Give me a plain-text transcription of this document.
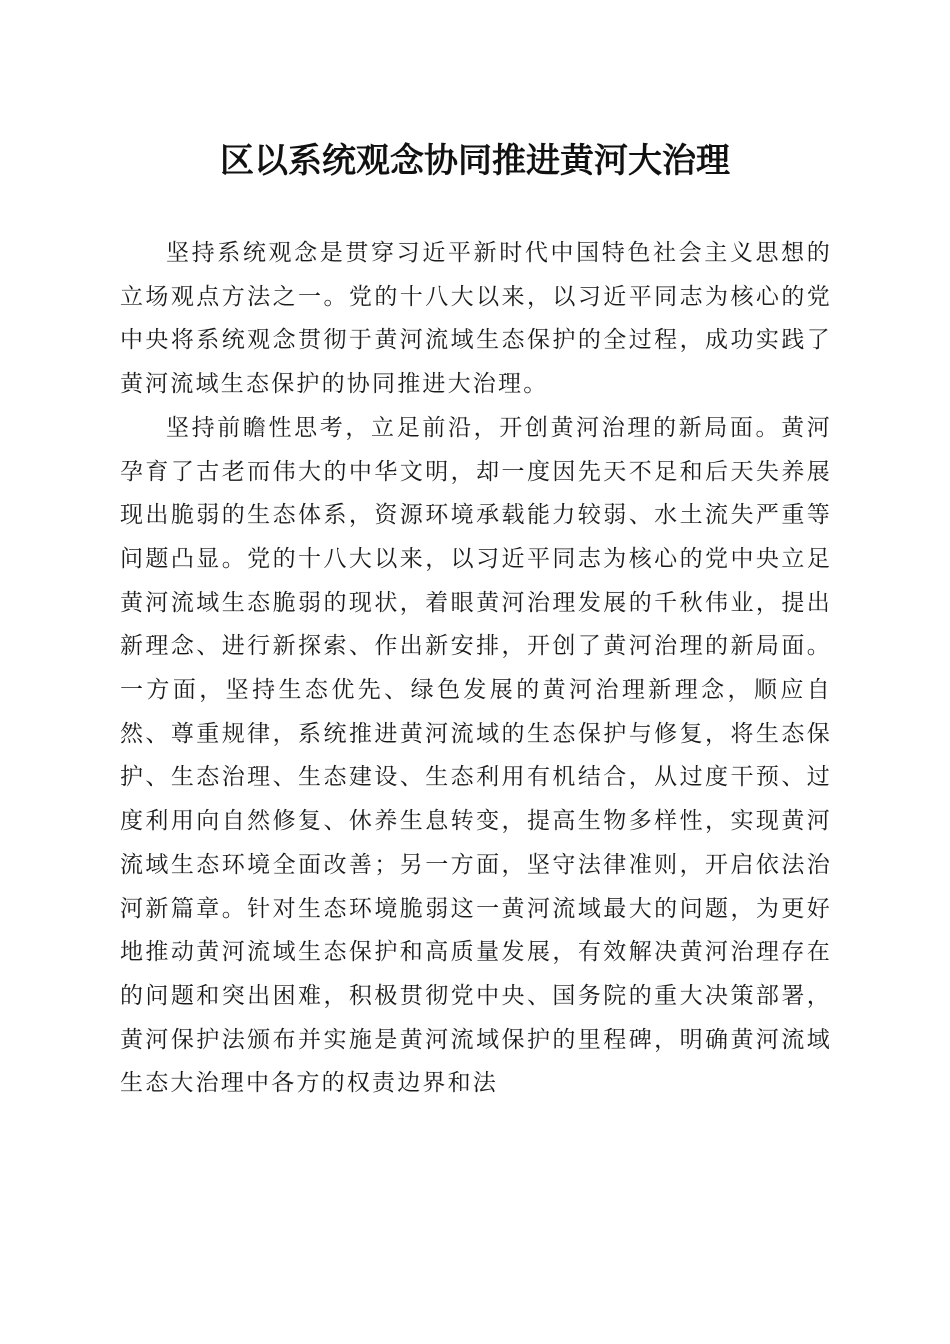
区以系统观念协同推进黄河大治理

坚持系统观念是贯穿习近平新时代中国特色社会主义思想的立场观点方法之一。党的十八大以来，以习近平同志为核心的党中央将系统观念贯彻于黄河流域生态保护的全过程，成功实践了黄河流域生态保护的协同推进大治理。

坚持前瞻性思考，立足前沿，开创黄河治理的新局面。黄河孕育了古老而伟大的中华文明，却一度因先天不足和后天失养展现出脆弱的生态体系，资源环境承载能力较弱、水土流失严重等问题凸显。党的十八大以来，以习近平同志为核心的党中央立足黄河流域生态脆弱的现状，着眼黄河治理发展的千秋伟业，提出新理念、进行新探索、作出新安排，开创了黄河治理的新局面。一方面，坚持生态优先、绿色发展的黄河治理新理念，顺应自然、尊重规律，系统推进黄河流域的生态保护与修复，将生态保护、生态治理、生态建设、生态利用有机结合，从过度干预、过度利用向自然修复、休养生息转变，提高生物多样性，实现黄河流域生态环境全面改善；另一方面，坚守法律准则，开启依法治河新篇章。针对生态环境脆弱这一黄河流域最大的问题，为更好地推动黄河流域生态保护和高质量发展，有效解决黄河治理存在的问题和突出困难，积极贯彻党中央、国务院的重大决策部署，黄河保护法颁布并实施是黄河流域保护的里程碑，明确黄河流域生态大治理中各方的权责边界和法
